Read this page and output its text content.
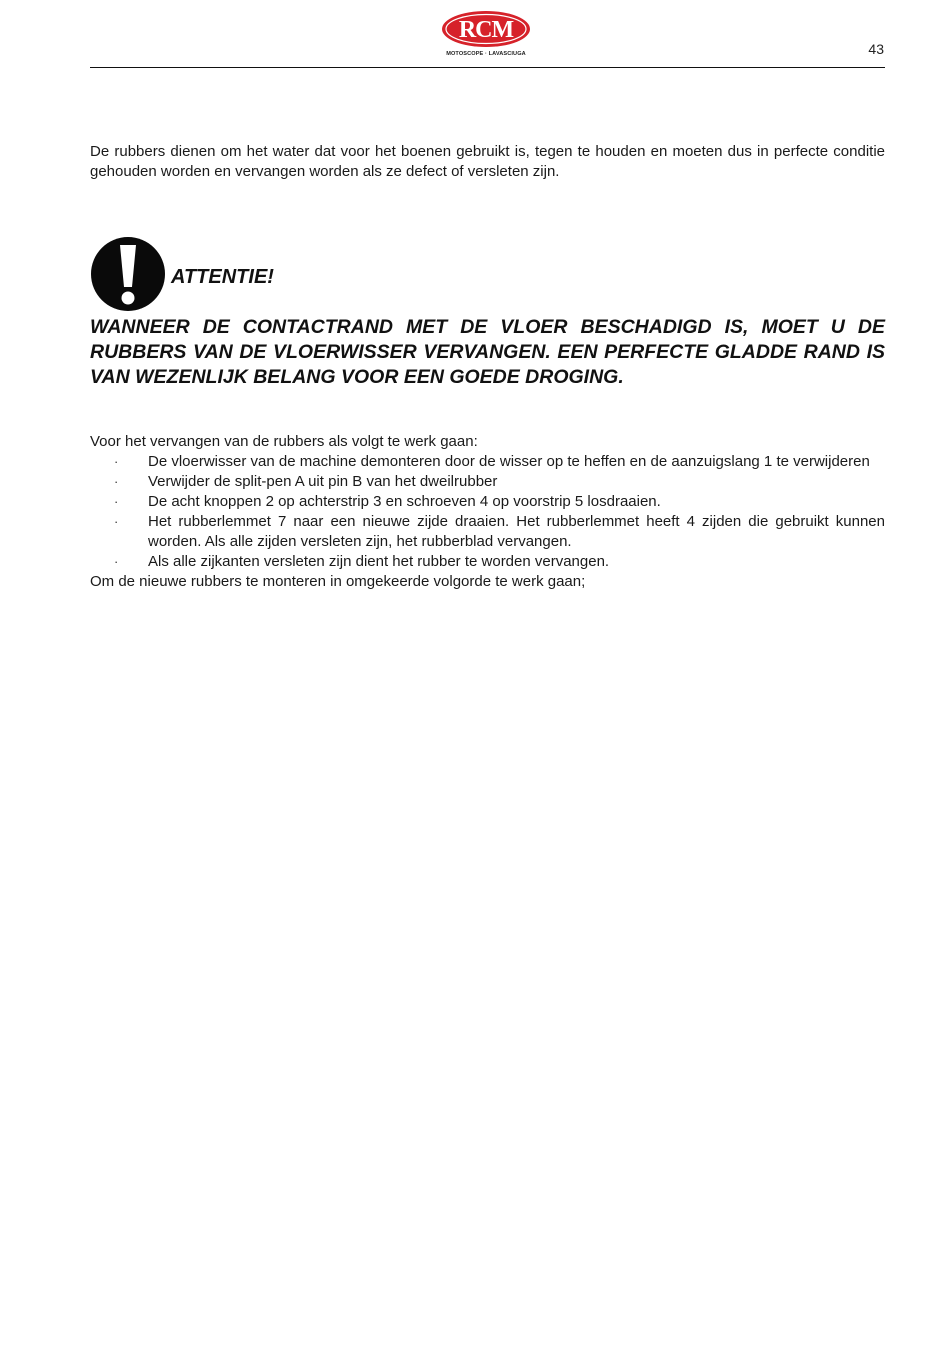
RCM
MOTOSCOPE · LAVASCIUGA	43
De rubbers dienen om het water dat voor het boenen gebruikt is, tegen te houden en moeten dus in perfecte conditie gehouden worden en vervangen worden als ze defect of versleten zijn.
ATTENTIE!
WANNEER DE CONTACTRAND MET DE VLOER BESCHADIGD IS, MOET U DE RUBBERS VAN DE VLOERWISSER VERVANGEN. EEN PERFECTE GLADDE RAND IS VAN WEZENLIJK BELANG VOOR EEN GOEDE DROGING.

Voor het vervangen van de rubbers als volgt te werk gaan:

· De vloerwisser van de machine demonteren door de wisser op te heffen en de aanzuigslang 1 te verwijderen
· Verwijder de split-pen A uit pin B van het dweilrubber
· De acht knoppen 2 op achterstrip 3 en schroeven 4 op voorstrip 5 losdraaien.
· Het rubberlemmet 7 naar een nieuwe zijde draaien. Het rubberlemmet heeft 4 zijden die gebruikt kunnen worden. Als alle zijden versleten zijn, het rubberblad vervangen.
· Als alle zijkanten versleten zijn dient het rubber te worden vervangen.

Om de nieuwe rubbers te monteren in omgekeerde volgorde te werk gaan;
